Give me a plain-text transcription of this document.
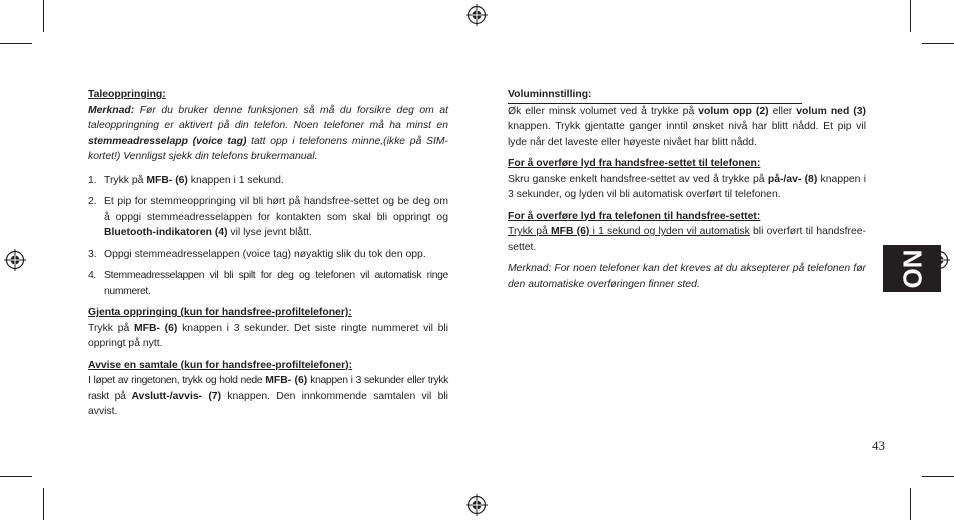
Taleoppringing:

Merknad: Før du bruker denne funksjonen så må du forsikre deg om at taleoppringning er aktivert på din telefon. Noen telefoner må ha minst en stemmeadresselapp (voice tag) tatt opp i telefonens minne,(ikke på SIM-kortet!) Vennligst sjekk din telefons brukermanual.

1. Trykk på MFB- (6) knappen i 1 sekund.
2. Et pip for stemmeoppringing vil bli hørt på handsfree-settet og be deg om å oppgi stemmeadresselappen for kontakten som skal bli oppringt og Bluetooth-indikatoren (4) vil lyse jevnt blått.
3. Oppgi stemmeadresselappen (voice tag) nøyaktig slik du tok den opp.
4. Stemmeadresselappen vil bli spilt for deg og telefonen vil automatisk ringe nummeret.

Gjenta oppringing (kun for handsfree-profiltelefoner):

Trykk på MFB- (6) knappen i 3 sekunder. Det siste ringte nummeret vil bli oppringt på nytt.

Avvise en samtale (kun for handsfree-profiltelefoner):

I løpet av ringetonen, trykk og hold nede MFB- (6) knappen i 3 sekunder eller trykk raskt på Avslutt-/avvis- (7) knappen. Den innkommende samtalen vil bli avvist.

Voluminnstilling:

Øk eller minsk volumet ved å trykke på volum opp (2) eller volum ned (3) knappen. Trykk gjentatte ganger inntil ønsket nivå har blitt nådd. Et pip vil lyde når det laveste eller høyeste nivået har blitt nådd.

For å overføre lyd fra handsfree-settet til telefonen:

Skru ganske enkelt handsfree-settet av ved å trykke på på-/av- (8) knappen i 3 sekunder, og lyden vil bli automatisk overført til telefonen.

For å overføre lyd fra telefonen til handsfree-settet:

Trykk på MFB (6) i 1 sekund og lyden vil automatisk bli overført til handsfree-settet.

Merknad: For noen telefoner kan det kreves at du aksepterer på telefonen før den automatiske overføringen finner sted.	NO
43
